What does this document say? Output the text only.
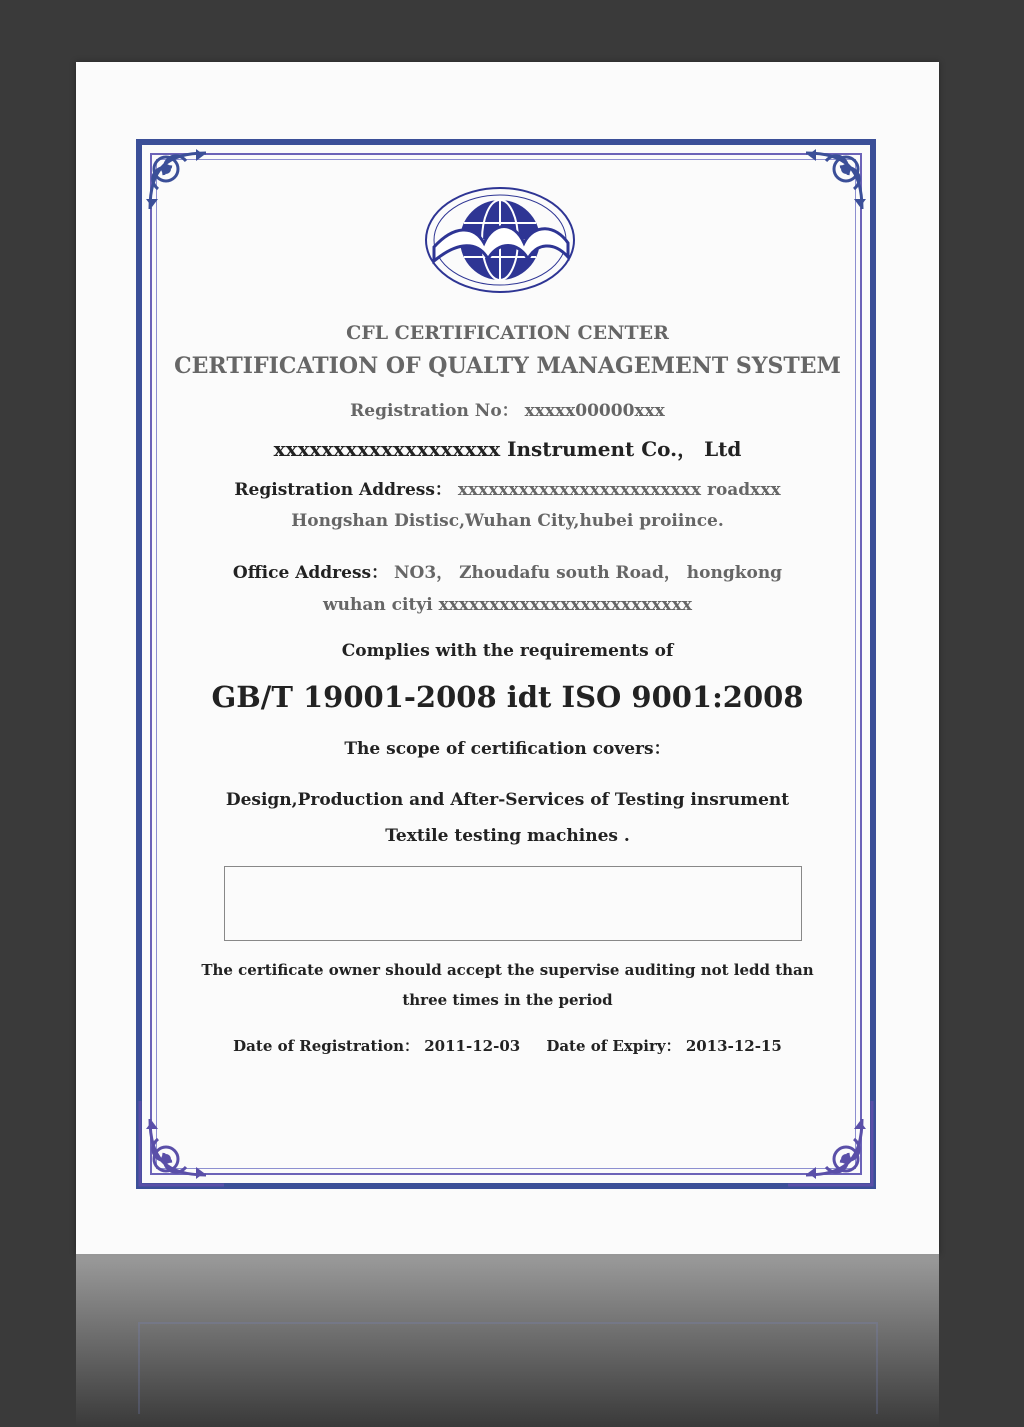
CFL CERTIFICATION CENTER
CERTIFICATION OF QUALTY MANAGEMENT SYSTEM
Registration No： xxxxx00000xxx
xxxxxxxxxxxxxxxxxxx Instrument Co.， Ltd
Registration Address： xxxxxxxxxxxxxxxxxxxxxxxx roadxxx
Hongshan Distisc,Wuhan City,hubei proiince.
Office Address： NO3， Zhoudafu south Road， hongkong
wuhan cityi xxxxxxxxxxxxxxxxxxxxxxxxx
Complies with the requirements of
GB/T 19001-2008 idt ISO 9001:2008
The scope of certification covers：
Design,Production and After-Services of Testing insrument
Textile testing machines .
The certificate owner should accept the supervise auditing not ledd than
three times in the period
Date of Registration： 2011-12-03 Date of Expiry： 2013-12-15
